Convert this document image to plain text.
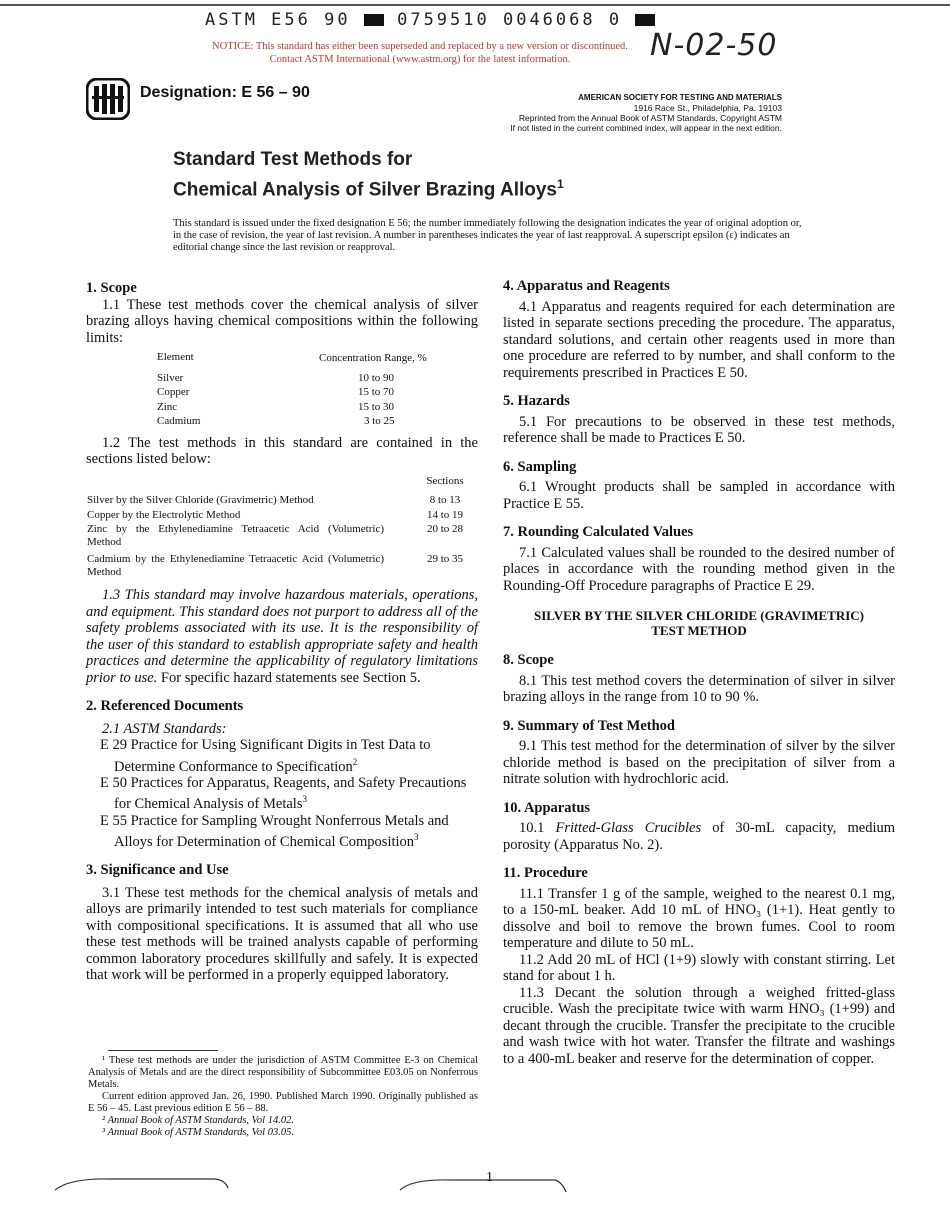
ASTM E56 90	0759510 0046068 0
NOTICE: This standard has either been superseded and replaced by a new version or discontinued.
Contact ASTM International (www.astm.org) for the latest information.	N-02-50
Designation: E 56 – 90	AMERICAN SOCIETY FOR TESTING AND MATERIALS
1916 Race St., Philadelphia, Pa. 19103
Reprinted from the Annual Book of ASTM Standards, Copyright ASTM
If not listed in the current combined index, will appear in the next edition.
Standard Test Methods for
Chemical Analysis of Silver Brazing Alloys$^1$
This standard is issued under the fixed designation E 56; the number immediately following the designation indicates the year of original adoption or, in the case of revision, the year of last revision. A number in parentheses indicates the year of last reapproval. A superscript epsilon (ε) indicates an editorial change since the last revision or reapproval.

1. Scope

1.1 These test methods cover the chemical analysis of silver brazing alloys having chemical compositions within the following limits:

Element	Concentration Range, %
Silver	10 to 90
Copper	15 to 70
Zinc	15 to 30
Cadmium	3 to 25

1.2 The test methods in this standard are contained in the sections listed below:

	Sections
Silver by the Silver Chloride (Gravimetric) Method	8 to 13
Copper by the Electrolytic Method	14 to 19
Zinc by the Ethylenediamine Tetraacetic Acid (Volumetric) Method	20 to 28
Cadmium by the Ethylenediamine Tetraacetic Acid (Volumetric) Method	29 to 35

1.3 This standard may involve hazardous materials, operations, and equipment. This standard does not purport to address all of the safety problems associated with its use. It is the responsibility of the user of this standard to establish appropriate safety and health practices and determine the applicability of regulatory limitations prior to use. For specific hazard statements see Section 5.

2. Referenced Documents

2.1 ASTM Standards:

E 29 Practice for Using Significant Digits in Test Data to Determine Conformance to Specification$^2$

E 50 Practices for Apparatus, Reagents, and Safety Precautions for Chemical Analysis of Metals$^3$

E 55 Practice for Sampling Wrought Nonferrous Metals and Alloys for Determination of Chemical Composition$^3$

3. Significance and Use

3.1 These test methods for the chemical analysis of metals and alloys are primarily intended to test such materials for compliance with compositional specifications. It is assumed that all who use these test methods will be trained analysts capable of performing common laboratory procedures skillfully and safely. It is expected that work will be performed in a properly equipped laboratory.

¹ These test methods are under the jurisdiction of ASTM Committee E-3 on Chemical Analysis of Metals and are the direct responsibility of Subcommittee E03.05 on Nonferrous Metals.

Current edition approved Jan. 26, 1990. Published March 1990. Originally published as E 56 – 45. Last previous edition E 56 – 88.

² Annual Book of ASTM Standards, Vol 14.02.

³ Annual Book of ASTM Standards, Vol 03.05.

4. Apparatus and Reagents

4.1 Apparatus and reagents required for each determination are listed in separate sections preceding the procedure. The apparatus, standard solutions, and certain other reagents used in more than one procedure are referred to by number, and shall conform to the requirements prescribed in Practices E 50.

5. Hazards

5.1 For precautions to be observed in these test methods, reference shall be made to Practices E 50.

6. Sampling

6.1 Wrought products shall be sampled in accordance with Practice E 55.

7. Rounding Calculated Values

7.1 Calculated values shall be rounded to the desired number of places in accordance with the rounding method given in the Rounding-Off Procedure paragraphs of Practice E 29.

SILVER BY THE SILVER CHLORIDE (GRAVIMETRIC)
TEST METHOD

8. Scope

8.1 This test method covers the determination of silver in silver brazing alloys in the range from 10 to 90 %.

9. Summary of Test Method

9.1 This test method for the determination of silver by the silver chloride method is based on the precipitation of silver from a nitrate solution with hydrochloric acid.

10. Apparatus

10.1 Fritted-Glass Crucibles of 30-mL capacity, medium porosity (Apparatus No. 2).

11. Procedure

11.1 Transfer 1 g of the sample, weighed to the nearest 0.1 mg, to a 150-mL beaker. Add 10 mL of HNO₃ (1+1). Heat gently to dissolve and boil to remove the brown fumes. Cool to room temperature and dilute to 50 mL.

11.2 Add 20 mL of HCl (1+9) slowly with constant stirring. Let stand for about 1 h.

11.3 Decant the solution through a weighed fritted-glass crucible. Wash the precipitate twice with warm HNO₃ (1+99) and decant through the crucible. Transfer the precipitate to the crucible and wash twice with hot water. Transfer the filtrate and washings to a 400-mL beaker and reserve for the determination of copper.

1
